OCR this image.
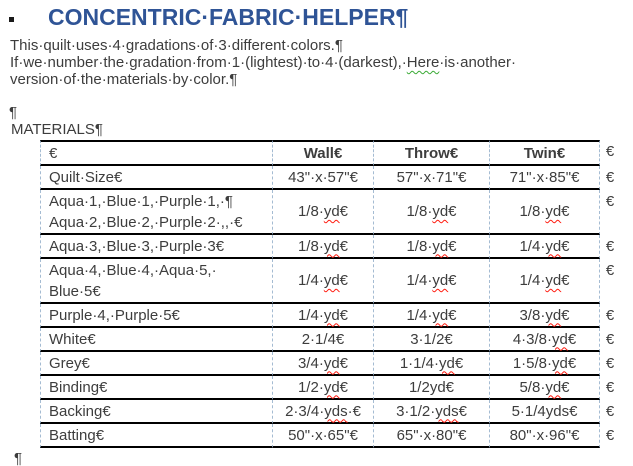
CONCENTRIC·FABRIC·HELPER¶

This·quilt·uses·4·gradations·of·3·different·colors.¶

If·we·number·the·gradation·from·1·(lightest)·to·4·(darkest),·Here·is·another·

version·of·the·materials·by·color.¶

¶

MATERIALS¶

€	Wall€	Throw€	Twin€	€

Quilt·Size€	43"·x·57"€	57"·x·71"€	71"·x·85"€	€

Aqua·1,·Blue·1,·Purple·1,·¶
Aqua·2,·Blue·2,·Purple·2·,,·€	1/8·yd€	1/8·yd€	1/8·yd€	€

Aqua·3,·Blue·3,·Purple·3€	1/8·yd€	1/8·yd€	1/4·yd€	€

Aqua·4,·Blue·4,·Aqua·5,·
Blue·5€	1/4·yd€	1/4·yd€	1/4·yd€	€

Purple·4,·Purple·5€	1/4·yd€	1/4·yd€	3/8·yd€	€

White€	2·1/4€	3·1/2€	4·3/8·yd€	€

Grey€	3/4·yd€	1·1/4·yd€	1·5/8·yd€	€

Binding€	1/2·yd€	1/2yd€	5/8·yd€	€

Backing€	2·3/4·yds·€	3·1/2·yds€	5·1/4yds€	€

Batting€	50"·x·65"€	65"·x·80"€	80"·x·96"€	€

¶
